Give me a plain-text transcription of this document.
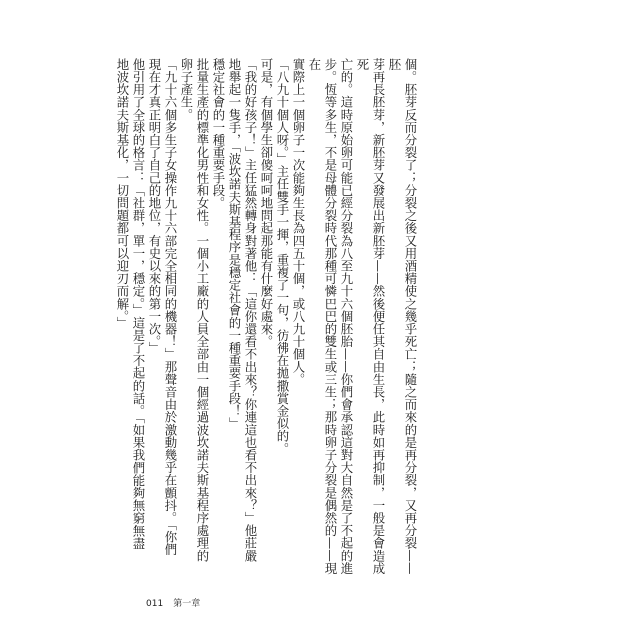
個。胚芽反而分裂了；分裂之後又用酒精使之幾乎死亡；隨之而來的是再分裂，又再分裂——胚

芽再長胚芽，新胚芽又發展出新胚芽——然後便任其自由生長，此時如再抑制，一般是會造成死

亡的。這時原始卵可能已經分裂為八至九十六個胚胎——你們會承認這對大自然是了不起的進

步。恆等多生，不是母體分裂時代那種可憐巴巴的雙生或三生；那時卵子分裂是偶然的——現在

實際上一個卵子一次能夠生長為四五十個，或八九十個人。

「八九十個人呀。」主任雙手一揮，重複了一句，彷彿在拋撒賞金似的。

可是，有個學生卻傻呵呵地問起那能有什麼好處來。

「我的好孩子！」主任猛然轉身對著他：「這你還看不出來？你連這也看不出來？」他莊嚴

地舉起一隻手，「波坎諾夫斯基程序是穩定社會的一種重要手段！」

穩定社會的一種重要手段。

批量生產的標準化男性和女性。一個小工廠的人員全部由一個經過波坎諾夫斯基程序處理的

卵子產生。

「九十六個多生子女操作九十六部完全相同的機器！」那聲音由於激動幾乎在顫抖。「你們

現在才真正明白了自己的地位，有史以來的第一次。」

他引用了全球的格言：「社群，單一，穩定。」這是了不起的話。「如果我們能夠無窮無盡

地波坎諾夫斯基化，一切問題都可以迎刃而解。」

011 第一章
